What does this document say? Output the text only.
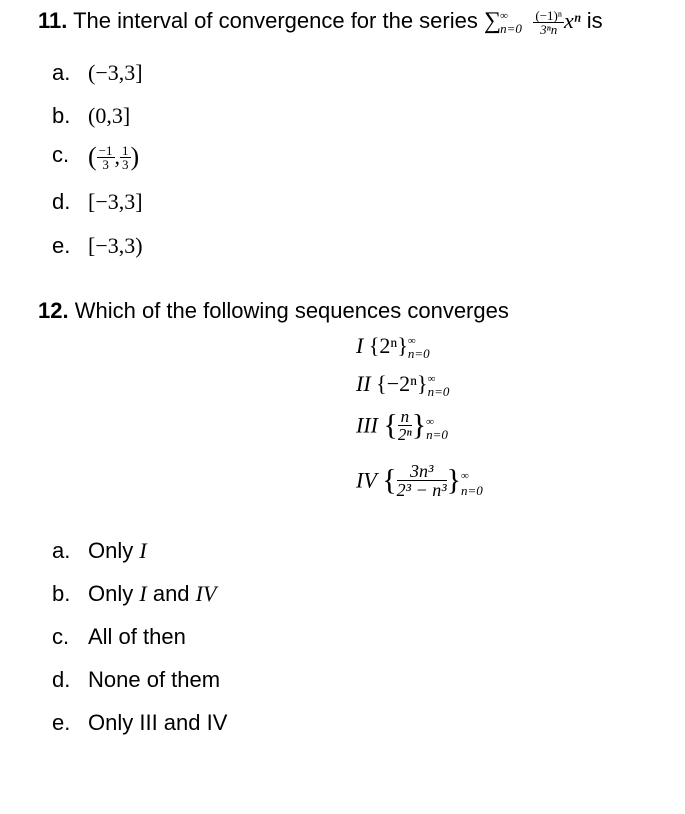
11. The interval of convergence for the series ∑ ∞
n=0
$\frac{\text{(−1)ⁿ}}{\text{3ⁿn}}$ xⁿ is
a. (−3,3]
b. (0,3]
c. ( $\frac{-1}{3}$ , $\frac{1}{3}$ )
d. [−3,3]
e. [−3,3)
12. Which of the following sequences converges
I {2ⁿ} ∞
n=0
II {−2ⁿ} ∞
n=0
III { $\frac{n}{\text{2ⁿ}}$ } ∞
n=0
IV { $\frac{\text{3n³}}{\text{2³ − n³}}$ } ∞
n=0
a. Only I
b. Only I and IV
c. All of then
d. None of them
e. Only III and IV
